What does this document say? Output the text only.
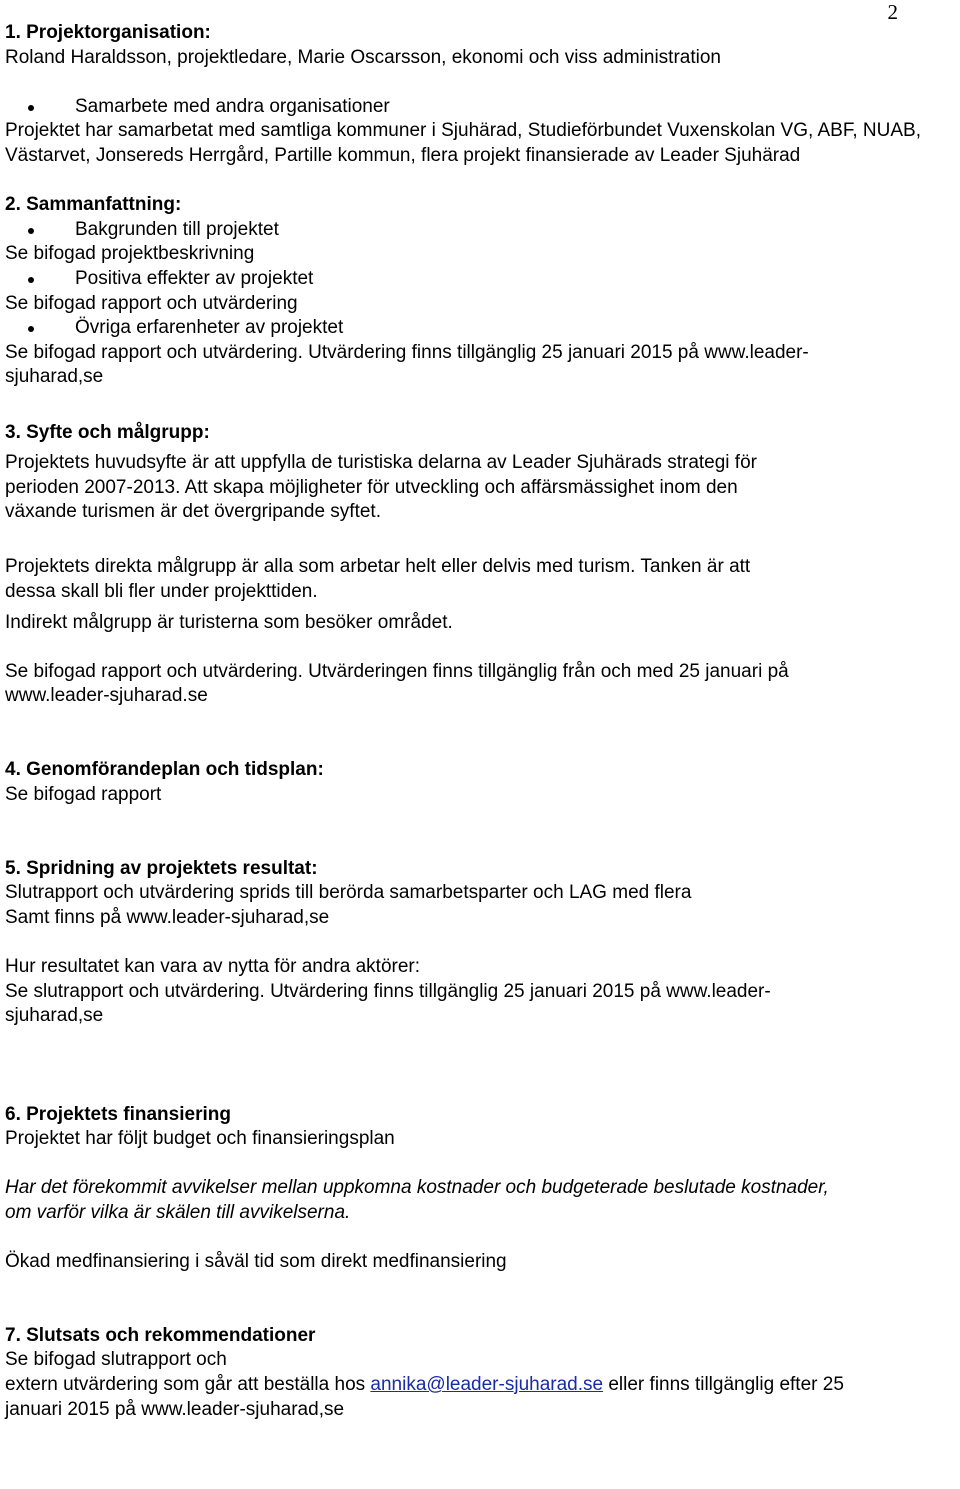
2

1. Projektorganisation:

Roland Haraldsson, projektledare, Marie Oscarsson, ekonomi och viss administration

Samarbete med andra organisationer

Projektet har samarbetat med samtliga kommuner i Sjuhärad, Studieförbundet Vuxenskolan VG, ABF, NUAB, Västarvet, Jonsereds Herrgård, Partille kommun, flera projekt finansierade av Leader Sjuhärad

2. Sammanfattning:

Bakgrunden till projektet

Se bifogad projektbeskrivning

Positiva effekter av projektet

Se bifogad rapport och utvärdering

Övriga erfarenheter av projektet

Se bifogad rapport och utvärdering. Utvärdering finns tillgänglig 25 januari 2015 på www.leader-

sjuharad,se

3. Syfte och målgrupp:

Projektets huvudsyfte är att uppfylla de turistiska delarna av Leader Sjuhärads strategi för

perioden 2007-2013. Att skapa möjligheter för utveckling och affärsmässighet inom den

växande turismen är det övergripande syftet.

Projektets direkta målgrupp är alla som arbetar helt eller delvis med turism. Tanken är att

dessa skall bli fler under projekttiden.

Indirekt målgrupp är turisterna som besöker området.

Se bifogad rapport och utvärdering. Utvärderingen finns tillgänglig från och med 25 januari på

www.leader-sjuharad.se

4. Genomförandeplan och tidsplan:

Se bifogad rapport

5. Spridning av projektets resultat:

Slutrapport och utvärdering sprids till berörda samarbetsparter och LAG med flera

Samt finns på www.leader-sjuharad,se

Hur resultatet kan vara av nytta för andra aktörer:

Se slutrapport och utvärdering. Utvärdering finns tillgänglig 25 januari 2015 på www.leader-

sjuharad,se

6. Projektets finansiering

Projektet har följt budget och finansieringsplan

Har det förekommit avvikelser mellan uppkomna kostnader och budgeterade beslutade kostnader,

om varför vilka är skälen till avvikelserna.

Ökad medfinansiering i såväl tid som direkt medfinansiering

7. Slutsats och rekommendationer

Se bifogad slutrapport och

extern utvärdering som går att beställa hos annika@leader-sjuharad.se eller finns tillgänglig efter 25

januari 2015 på www.leader-sjuharad,se
